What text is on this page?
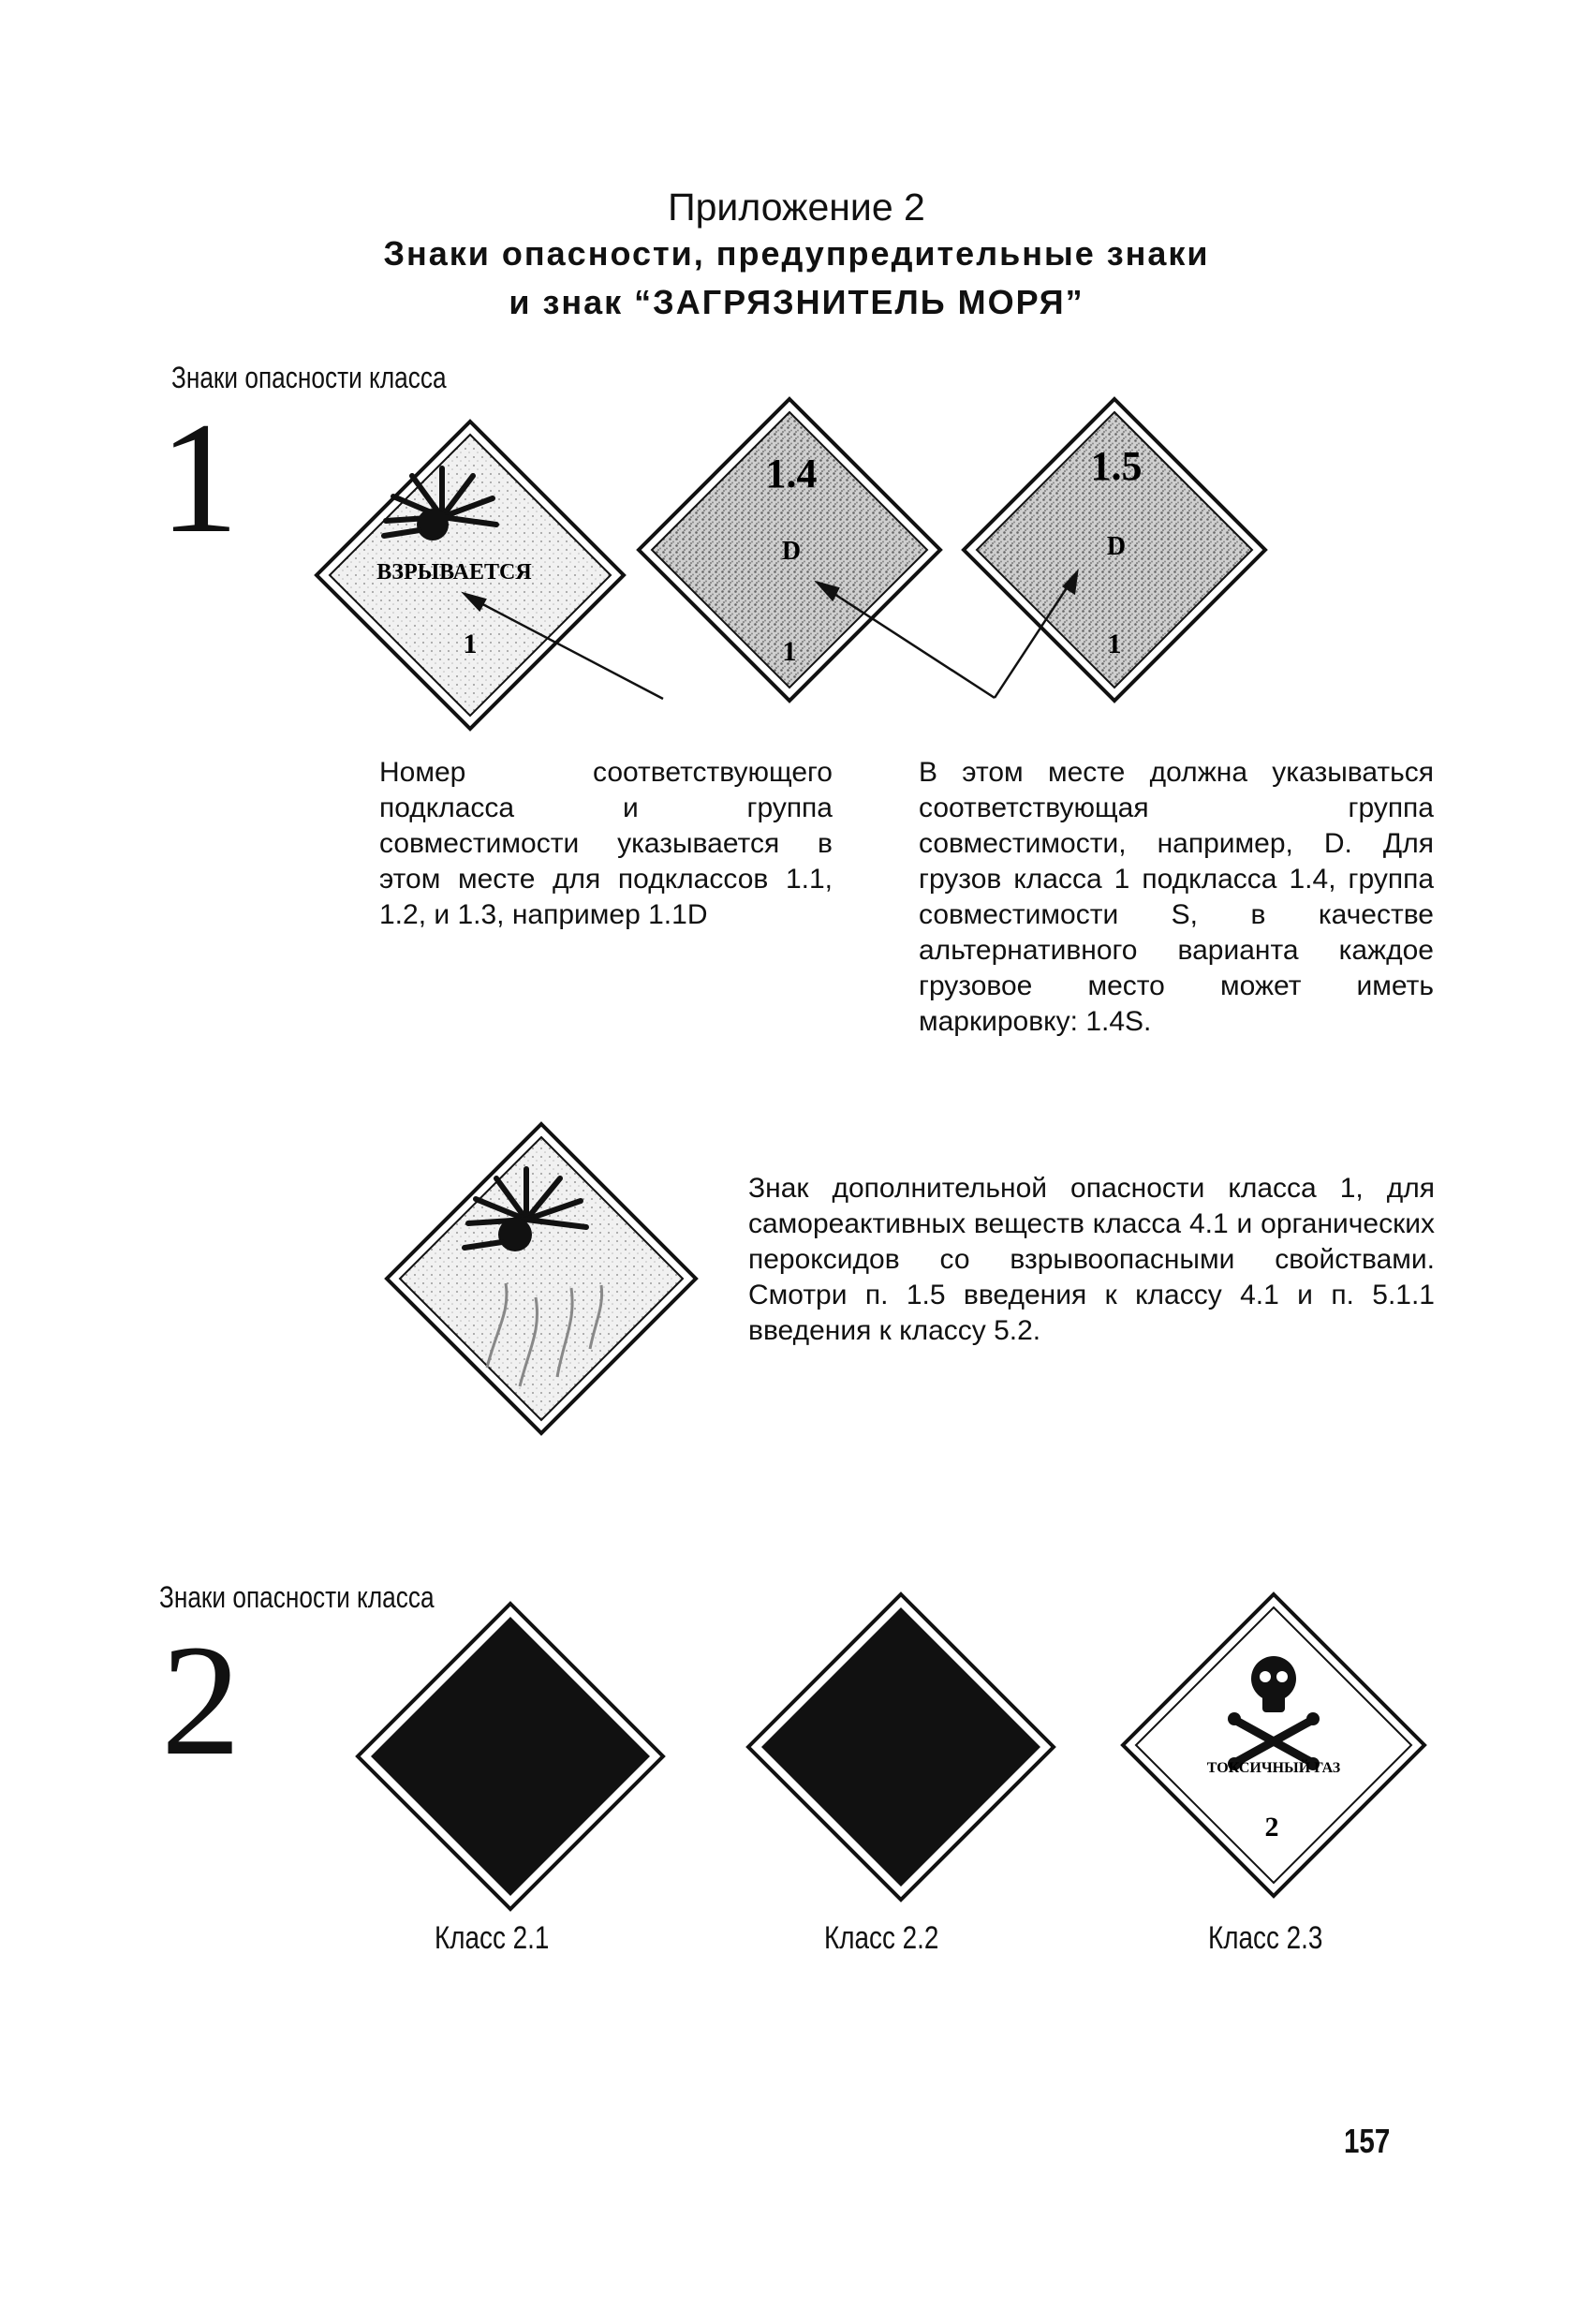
Приложение 2
Знаки опасности, предупредительные знаки
и знак “ЗАГРЯЗНИТЕЛЬ МОРЯ”
Знаки опасности класса
1
ВЗРЫВАЕТСЯ
1
1.4
D
1
1.5
D
1
Номер соответствующего подкласса и группа совместимости указывается в этом месте для подклассов 1.1, 1.2, и 1.3, например 1.1D
В этом месте должна указываться соответствующая группа совместимости, например, D. Для грузов класса 1 подкласса 1.4, группа совместимости S, в качестве альтернативного варианта каждое грузовое место может иметь маркировку: 1.4S.
Знак дополнительной опасности класса 1, для самореактивных веществ класса 4.1 и органических пероксидов со взрывоопасными свойствами. Смотри п. 1.5 введения к классу 4.1 и п. 5.1.1 введения к классу 5.2.
Знаки опасности класса
2	ТОКСИЧНЫЙ ГАЗ
2
Класс 2.1	Класс 2.2	Класс 2.3
157
